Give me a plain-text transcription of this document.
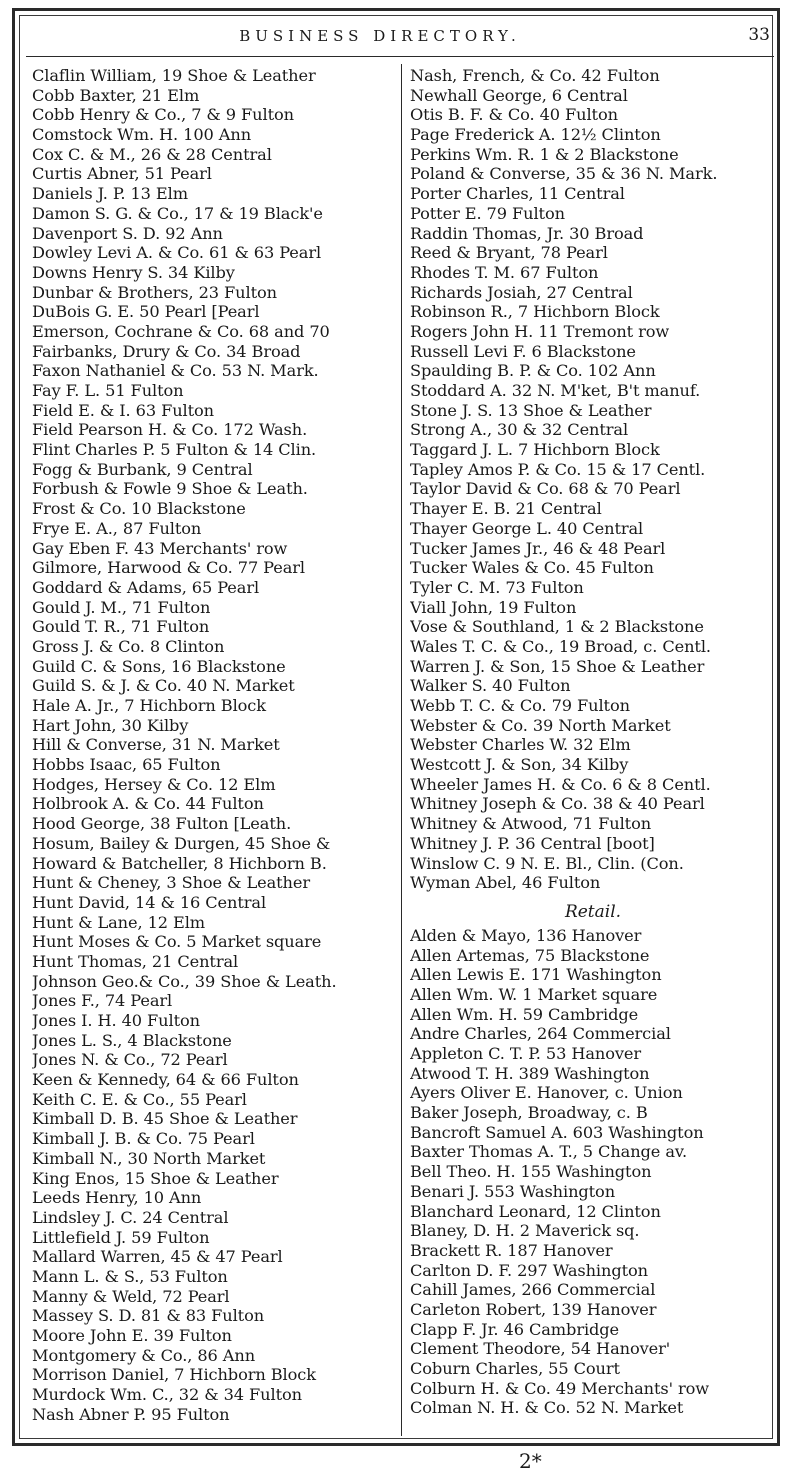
BUSINESS DIRECTORY.	33
Claflin William, 19 Shoe & Leather
Cobb Baxter, 21 Elm
Cobb Henry & Co., 7 & 9 Fulton
Comstock Wm. H. 100 Ann
Cox C. & M., 26 & 28 Central
Curtis Abner, 51 Pearl
Daniels J. P. 13 Elm
Damon S. G. & Co., 17 & 19 Black'e
Davenport S. D. 92 Ann
Dowley Levi A. & Co. 61 & 63 Pearl
Downs Henry S. 34 Kilby
Dunbar & Brothers, 23 Fulton
DuBois G. E. 50 Pearl [Pearl
Emerson, Cochrane & Co. 68 and 70
Fairbanks, Drury & Co. 34 Broad
Faxon Nathaniel & Co. 53 N. Mark.
Fay F. L. 51 Fulton
Field E. & I. 63 Fulton
Field Pearson H. & Co. 172 Wash.
Flint Charles P. 5 Fulton & 14 Clin.
Fogg & Burbank, 9 Central
Forbush & Fowle 9 Shoe & Leath.
Frost & Co. 10 Blackstone
Frye E. A., 87 Fulton
Gay Eben F. 43 Merchants' row
Gilmore, Harwood & Co. 77 Pearl
Goddard & Adams, 65 Pearl
Gould J. M., 71 Fulton
Gould T. R., 71 Fulton
Gross J. & Co. 8 Clinton
Guild C. & Sons, 16 Blackstone
Guild S. & J. & Co. 40 N. Market
Hale A. Jr., 7 Hichborn Block
Hart John, 30 Kilby
Hill & Converse, 31 N. Market
Hobbs Isaac, 65 Fulton
Hodges, Hersey & Co. 12 Elm
Holbrook A. & Co. 44 Fulton
Hood George, 38 Fulton [Leath.
Hosum, Bailey & Durgen, 45 Shoe &
Howard & Batcheller, 8 Hichborn B.
Hunt & Cheney, 3 Shoe & Leather
Hunt David, 14 & 16 Central
Hunt & Lane, 12 Elm
Hunt Moses & Co. 5 Market square
Hunt Thomas, 21 Central
Johnson Geo.& Co., 39 Shoe & Leath.
Jones F., 74 Pearl
Jones I. H. 40 Fulton
Jones L. S., 4 Blackstone
Jones N. & Co., 72 Pearl
Keen & Kennedy, 64 & 66 Fulton
Keith C. E. & Co., 55 Pearl
Kimball D. B. 45 Shoe & Leather
Kimball J. B. & Co. 75 Pearl
Kimball N., 30 North Market
King Enos, 15 Shoe & Leather
Leeds Henry, 10 Ann
Lindsley J. C. 24 Central
Littlefield J. 59 Fulton
Mallard Warren, 45 & 47 Pearl
Mann L. & S., 53 Fulton
Manny & Weld, 72 Pearl
Massey S. D. 81 & 83 Fulton
Moore John E. 39 Fulton
Montgomery & Co., 86 Ann
Morrison Daniel, 7 Hichborn Block
Murdock Wm. C., 32 & 34 Fulton
Nash Abner P. 95 Fulton
Nash, French, & Co. 42 Fulton
Newhall George, 6 Central
Otis B. F. & Co. 40 Fulton
Page Frederick A. 12½ Clinton
Perkins Wm. R. 1 & 2 Blackstone
Poland & Converse, 35 & 36 N. Mark.
Porter Charles, 11 Central
Potter E. 79 Fulton
Raddin Thomas, Jr. 30 Broad
Reed & Bryant, 78 Pearl
Rhodes T. M. 67 Fulton
Richards Josiah, 27 Central
Robinson R., 7 Hichborn Block
Rogers John H. 11 Tremont row
Russell Levi F. 6 Blackstone
Spaulding B. P. & Co. 102 Ann
Stoddard A. 32 N. M'ket, B't manuf.
Stone J. S. 13 Shoe & Leather
Strong A., 30 & 32 Central
Taggard J. L. 7 Hichborn Block
Tapley Amos P. & Co. 15 & 17 Centl.
Taylor David & Co. 68 & 70 Pearl
Thayer E. B. 21 Central
Thayer George L. 40 Central
Tucker James Jr., 46 & 48 Pearl
Tucker Wales & Co. 45 Fulton
Tyler C. M. 73 Fulton
Viall John, 19 Fulton
Vose & Southland, 1 & 2 Blackstone
Wales T. C. & Co., 19 Broad, c. Centl.
Warren J. & Son, 15 Shoe & Leather
Walker S. 40 Fulton
Webb T. C. & Co. 79 Fulton
Webster & Co. 39 North Market
Webster Charles W. 32 Elm
Westcott J. & Son, 34 Kilby
Wheeler James H. & Co. 6 & 8 Centl.
Whitney Joseph & Co. 38 & 40 Pearl
Whitney & Atwood, 71 Fulton
Whitney J. P. 36 Central [boot]
Winslow C. 9 N. E. Bl., Clin. (Con.
Wyman Abel, 46 Fulton
Retail.
Alden & Mayo, 136 Hanover
Allen Artemas, 75 Blackstone
Allen Lewis E. 171 Washington
Allen Wm. W. 1 Market square
Allen Wm. H. 59 Cambridge
Andre Charles, 264 Commercial
Appleton C. T. P. 53 Hanover
Atwood T. H. 389 Washington
Ayers Oliver E. Hanover, c. Union
Baker Joseph, Broadway, c. B
Bancroft Samuel A. 603 Washington
Baxter Thomas A. T., 5 Change av.
Bell Theo. H. 155 Washington
Benari J. 553 Washington
Blanchard Leonard, 12 Clinton
Blaney, D. H. 2 Maverick sq.
Brackett R. 187 Hanover
Carlton D. F. 297 Washington
Cahill James, 266 Commercial
Carleton Robert, 139 Hanover
Clapp F. Jr. 46 Cambridge
Clement Theodore, 54 Hanover'
Coburn Charles, 55 Court
Colburn H. & Co. 49 Merchants' row
Colman N. H. & Co. 52 N. Market
2*
